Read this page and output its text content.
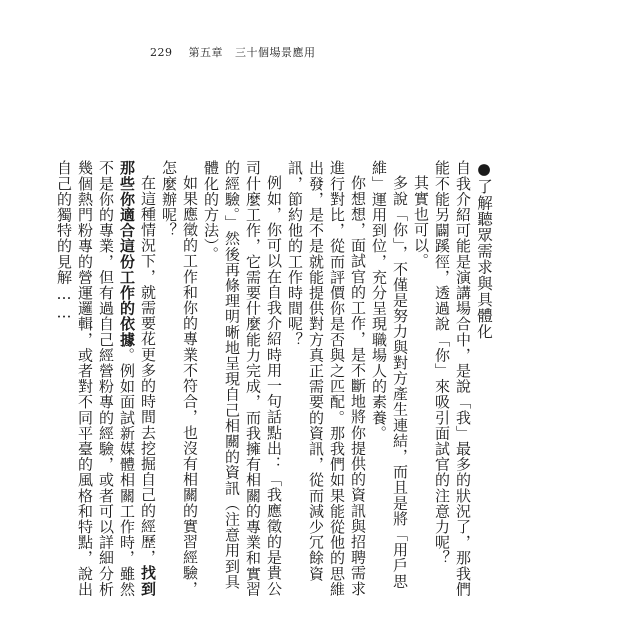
229 第五章 三十個場景應用

●了解聽眾需求與具體化

自我介紹可能是演講場合中，是說「我」最多的狀況了，那我們能不能另闢蹊徑，透過說「你」來吸引面試官的注意力呢？

其實也可以。

多說「你」，不僅是努力與對方產生連結，而且是將「用戶思維」運用到位，充分呈現職場人的素養。

你想想，面試官的工作，是不斷地將你提供的資訊與招聘需求進行對比，從而評價你是否與之匹配。那我們如果能從他的思維出發，是不是就能提供對方真正需要的資訊，從而減少冗餘資訊，節約他的工作時間呢？

例如，你可以在自我介紹時用一句話點出：「我應徵的是貴公司什麼工作，它需要什麼能力完成，而我擁有相關的專業和實習的經驗。」然後再條理明晰地呈現自己相關的資訊（注意用到具體化的方法）。

如果應徵的工作和你的專業不符合，也沒有相關的實習經驗，怎麼辦呢？

在這種情況下，就需要花更多的時間去挖掘自己的經歷，找到那些你適合這份工作的依據。例如面試新媒體相關工作時，雖然不是你的專業，但有過自己經營粉專的經驗，或者可以詳細分析幾個熱門粉專的營運邏輯，或者對不同平臺的風格和特點，說出自己的獨特的見解……
